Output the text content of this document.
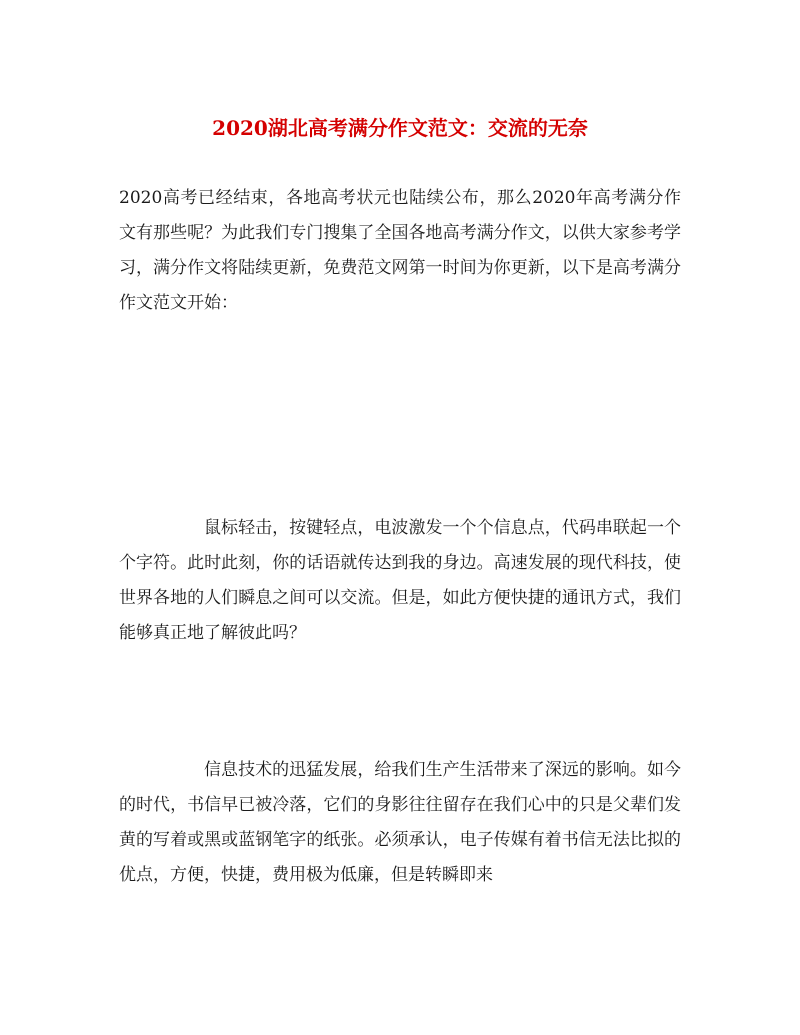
2020湖北高考满分作文范文：交流的无奈

2020高考已经结束，各地高考状元也陆续公布，那么2020年高考满分作文有那些呢？为此我们专门搜集了全国各地高考满分作文，以供大家参考学习，满分作文将陆续更新，免费范文网第一时间为你更新，以下是高考满分作文范文开始：

鼠标轻击，按键轻点，电波激发一个个信息点，代码串联起一个个字符。此时此刻，你的话语就传达到我的身边。高速发展的现代科技，使世界各地的人们瞬息之间可以交流。但是，如此方便快捷的通讯方式，我们能够真正地了解彼此吗？

信息技术的迅猛发展，给我们生产生活带来了深远的影响。如今的时代，书信早已被冷落，它们的身影往往留存在我们心中的只是父辈们发黄的写着或黑或蓝钢笔字的纸张。必须承认，电子传媒有着书信无法比拟的优点，方便，快捷，费用极为低廉，但是转瞬即来
